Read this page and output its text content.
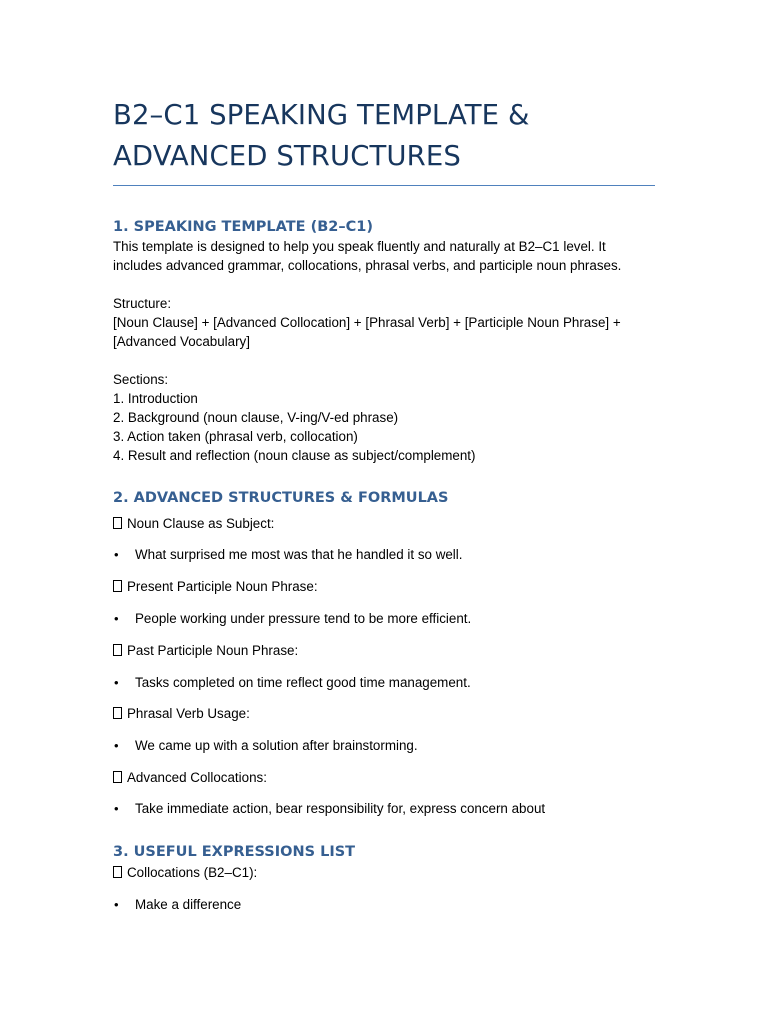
B2–C1 SPEAKING TEMPLATE &
ADVANCED STRUCTURES
1. SPEAKING TEMPLATE (B2–C1)

This template is designed to help you speak fluently and naturally at B2–C1 level. It

includes advanced grammar, collocations, phrasal verbs, and participle noun phrases.

Structure:

[Noun Clause] + [Advanced Collocation] + [Phrasal Verb] + [Participle Noun Phrase] +

[Advanced Vocabulary]

Sections:

1. Introduction

2. Background (noun clause, V-ing/V-ed phrase)

3. Action taken (phrasal verb, collocation)

4. Result and reflection (noun clause as subject/complement)

2. ADVANCED STRUCTURES & FORMULAS

Noun Clause as Subject:

• What surprised me most was that he handled it so well.

Present Participle Noun Phrase:

• People working under pressure tend to be more efficient.

Past Participle Noun Phrase:

• Tasks completed on time reflect good time management.

Phrasal Verb Usage:

• We came up with a solution after brainstorming.

Advanced Collocations:

• Take immediate action, bear responsibility for, express concern about

3. USEFUL EXPRESSIONS LIST

Collocations (B2–C1):

• Make a difference
